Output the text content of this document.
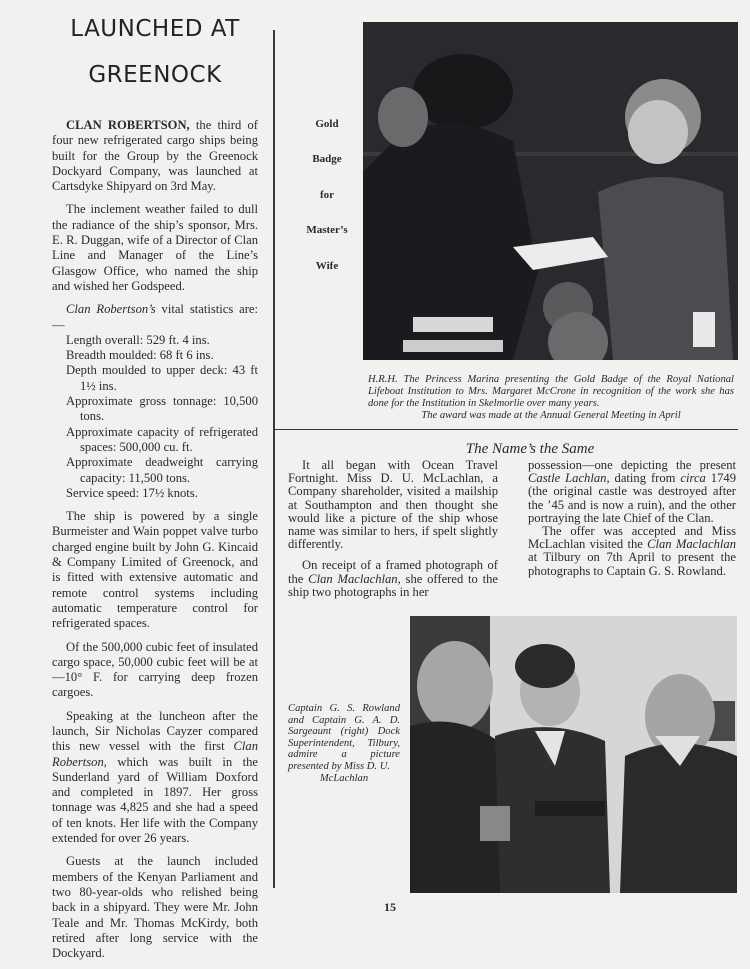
LAUNCHED AT
GREENOCK

CLAN ROBERTSON, the third of four new refrigerated cargo ships being built for the Group by the Greenock Dockyard Company, was launched at Cartsdyke Shipyard on 3rd May.

The inclement weather failed to dull the radiance of the ship’s sponsor, Mrs. E. R. Duggan, wife of a Director of Clan Line and Manager of the Line’s Glasgow Office, who named the ship and wished her Godspeed.

Clan Robertson’s vital statistics are:—

Length overall: 529 ft. 4 ins.
Breadth moulded: 68 ft 6 ins.
Depth moulded to upper deck: 43 ft 1½ ins.
Approximate gross tonnage: 10,500 tons.
Approximate capacity of refrigerated spaces: 500,000 cu. ft.
Approximate deadweight carrying capacity: 11,500 tons.
Service speed: 17½ knots.

The ship is powered by a single Burmeister and Wain poppet valve turbo charged engine built by John G. Kincaid & Company Limited of Greenock, and is fitted with extensive automatic and remote control systems including automatic temperature control for refrigerated spaces.

Of the 500,000 cubic feet of insulated cargo space, 50,000 cubic feet will be at —10° F. for carrying deep frozen cargoes.

Speaking at the luncheon after the launch, Sir Nicholas Cayzer compared this new vessel with the first Clan Robertson, which was built in the Sunderland yard of William Doxford and completed in 1897. Her gross tonnage was 4,825 and she had a speed of ten knots. Her life with the Company extended for over 26 years.

Guests at the launch included members of the Kenyan Parliament and two 80-year-olds who relished being back in a shipyard. They were Mr. John Teale and Mr. Thomas McKirdy, both retired after long service with the Dockyard.

Gold
Badge
for
Master’s
Wife
H.R.H. The Princess Marina presenting the Gold Badge of the Royal National Lifeboat Institution to Mrs. Margaret McCrone in recognition of the work she has done for the Institution in Skelmorlie over many years.
The award was made at the Annual General Meeting in April
The Name’s the Same

It all began with Ocean Travel Fortnight. Miss D. U. McLachlan, a Company shareholder, visited a mailship at Southampton and then thought she would like a picture of the ship whose name was similar to hers, if spelt slightly differently.

On receipt of a framed photograph of the Clan Maclachlan, she offered to the ship two photographs in her

possession—one depicting the present Castle Lachlan, dating from circa 1749 (the original castle was destroyed after the ’45 and is now a ruin), and the other portraying the late Chief of the Clan.

The offer was accepted and Miss McLachlan visited the Clan Maclachlan at Tilbury on 7th April to present the photographs to Captain G. S. Rowland.

Captain G. S. Rowland and Captain G. A. D. Sargeaunt (right) Dock Superintendent, Tilbury, admire a picture presented by Miss D. U.
McLachlan
15
